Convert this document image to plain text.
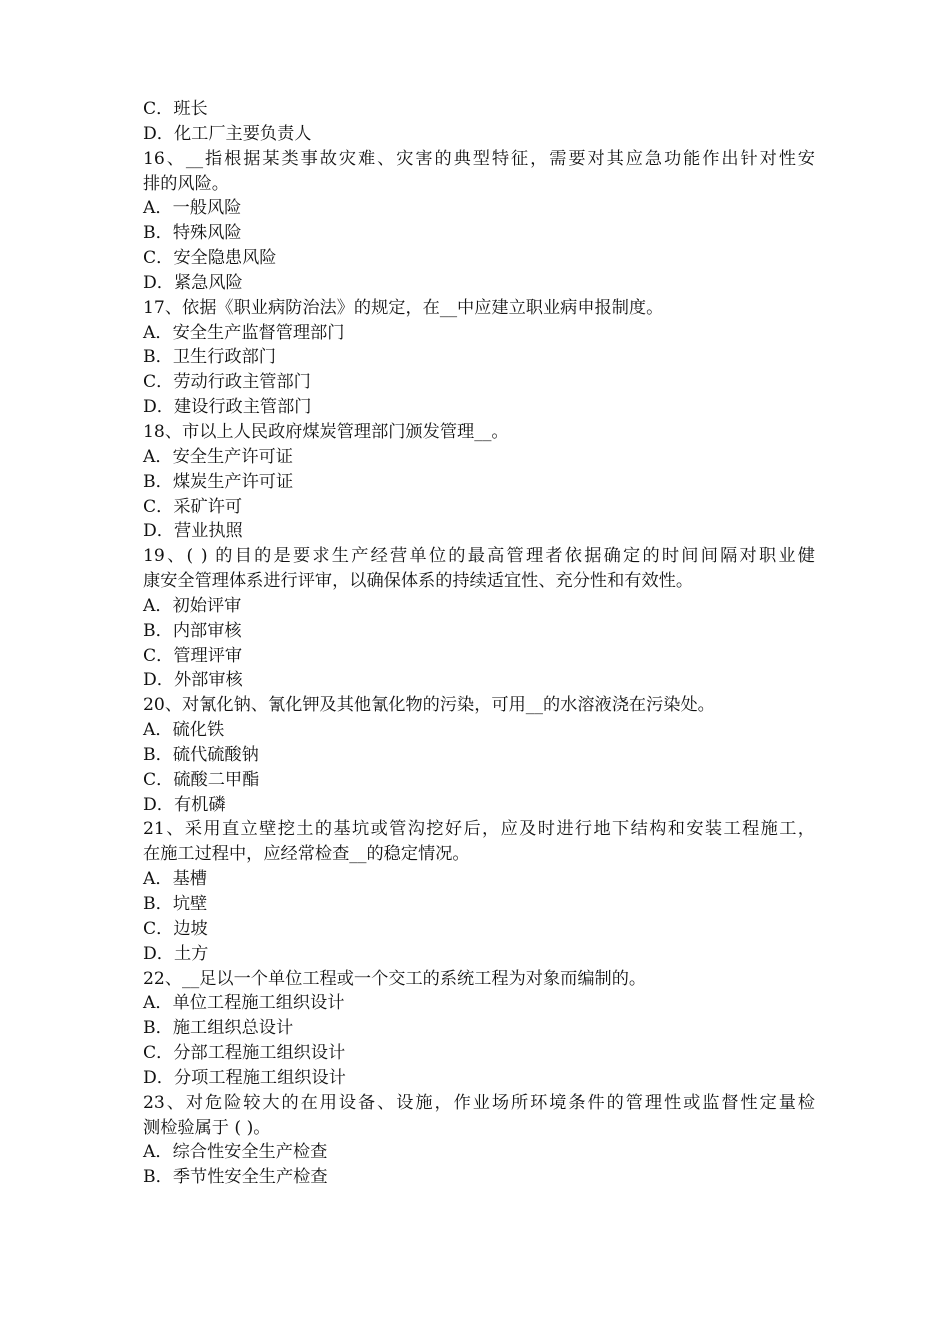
C．班长
D．化工厂主要负责人
16、__指根据某类事故灾难、灾害的典型特征，需要对其应急功能作出针对性安
排的风险。
A．一般风险
B．特殊风险
C．安全隐患风险
D．紧急风险
17、依据《职业病防治法》的规定，在__中应建立职业病申报制度。
A．安全生产监督管理部门
B．卫生行政部门
C．劳动行政主管部门
D．建设行政主管部门
18、市以上人民政府煤炭管理部门颁发管理__。
A．安全生产许可证
B．煤炭生产许可证
C．采矿许可
D．营业执照
19、( ) 的目的是要求生产经营单位的最高管理者依据确定的时间间隔对职业健
康安全管理体系进行评审，以确保体系的持续适宜性、充分性和有效性。
A．初始评审
B．内部审核
C．管理评审
D．外部审核
20、对氰化钠、氰化钾及其他氰化物的污染，可用__的水溶液浇在污染处。
A．硫化铁
B．硫代硫酸钠
C．硫酸二甲酯
D．有机磷
21、采用直立壁挖土的基坑或管沟挖好后，应及时进行地下结构和安装工程施工，
在施工过程中，应经常检查__的稳定情况。
A．基槽
B．坑壁
C．边坡
D．土方
22、__足以一个单位工程或一个交工的系统工程为对象而编制的。
A．单位工程施工组织设计
B．施工组织总设计
C．分部工程施工组织设计
D．分项工程施工组织设计
23、对危险较大的在用设备、设施，作业场所环境条件的管理性或监督性定量检
测检验属于 ( )。
A．综合性安全生产检查
B．季节性安全生产检查
